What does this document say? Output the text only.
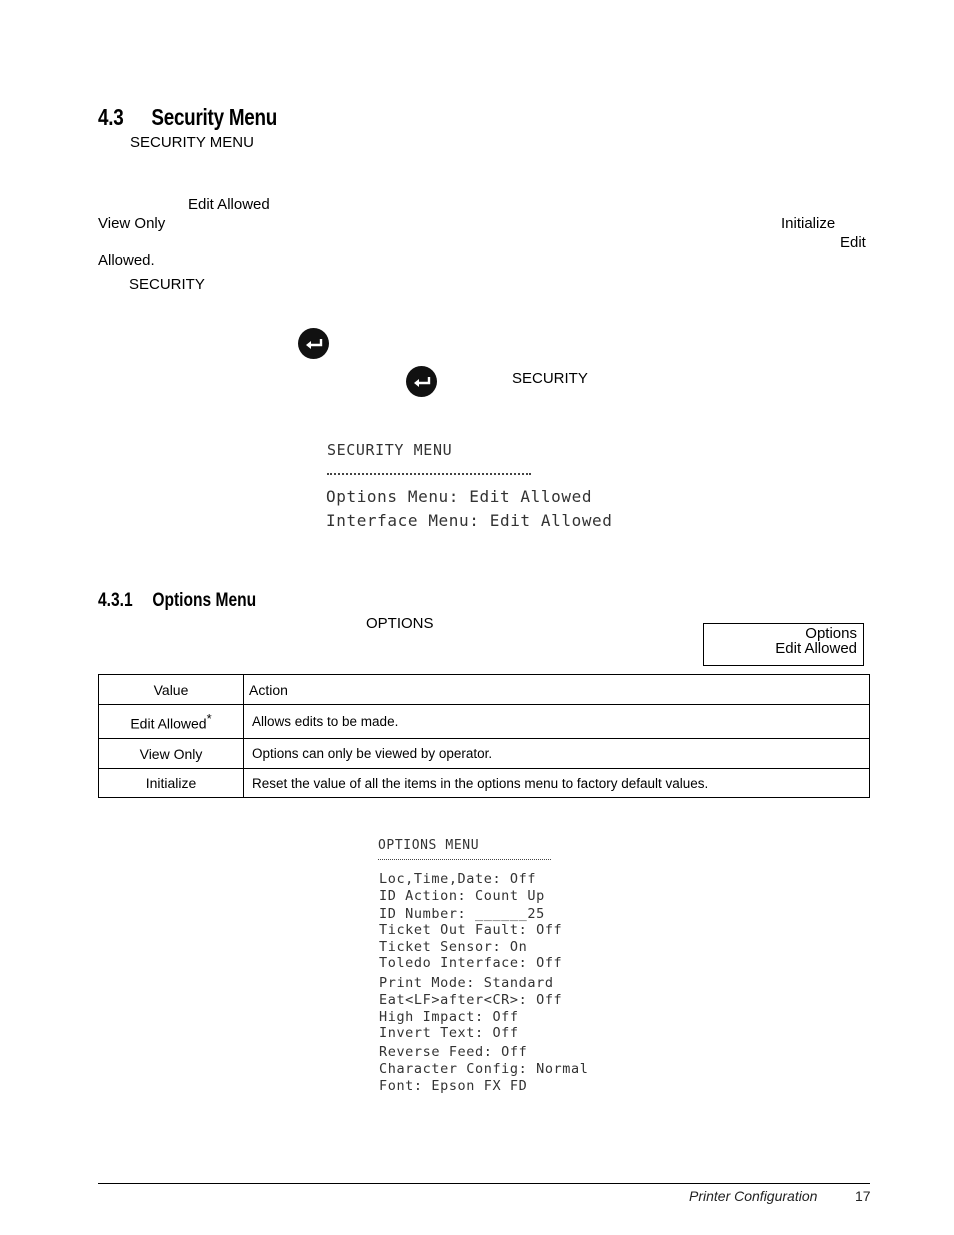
4.3 Security Menu
SECURITY MENU
Edit Allowed
View Only	Initialize
Edit
Allowed.
SECURITY
SECURITY
SECURITY MENU
Options Menu: Edit Allowed
Interface Menu: Edit Allowed
4.3.1 Options Menu
OPTIONS
Options
Edit Allowed
Value	Action
Edit Allowed*	Allows edits to be made.
View Only	Options can only be viewed by operator.
Initialize	Reset the value of all the items in the options menu to factory default values.
OPTIONS MENU
Loc,Time,Date: Off
ID Action: Count Up
ID Number: ______25
Ticket Out Fault: Off
Ticket Sensor: On
Toledo Interface: Off
Print Mode: Standard
Eat<LF>after<CR>: Off
High Impact: Off
Invert Text: Off
Reverse Feed: Off
Character Config: Normal
Font: Epson FX FD
Printer Configuration	17
